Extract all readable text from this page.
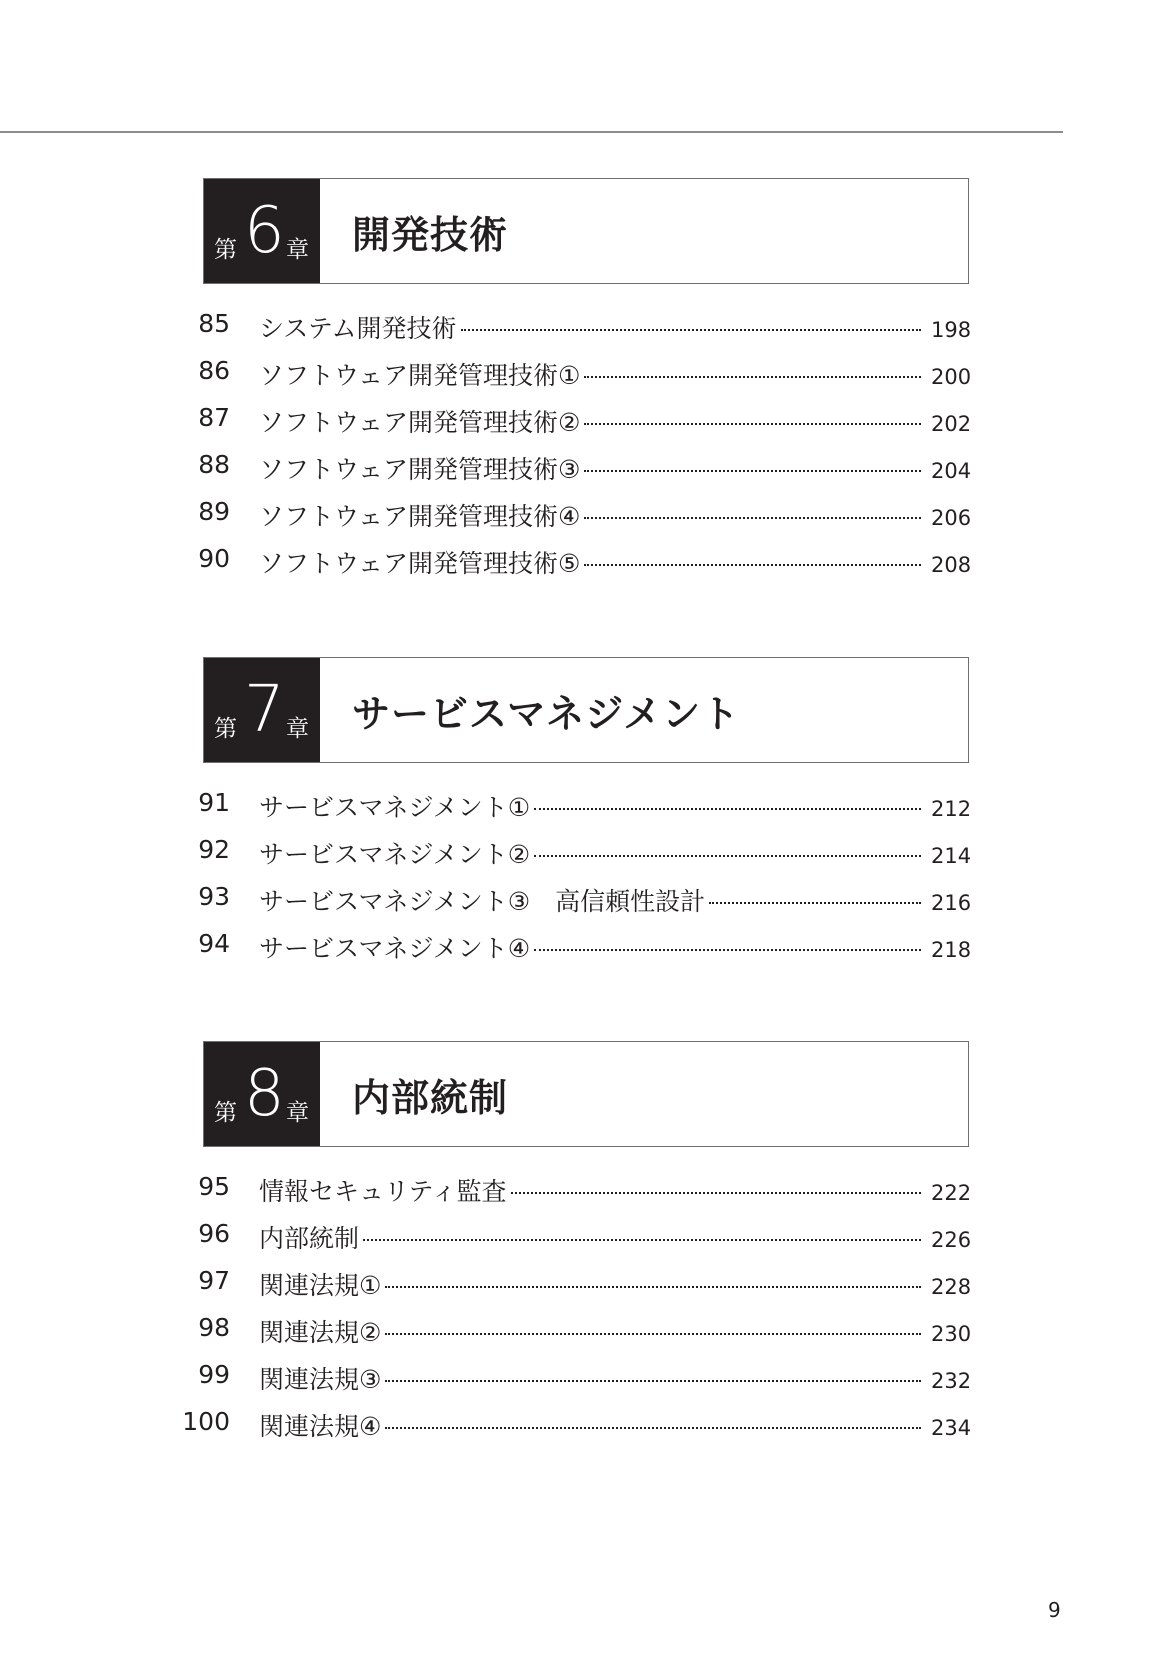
第 6 章 開発技術
85 システム開発技術	198
86 ソフトウェア開発管理技術①	200
87 ソフトウェア開発管理技術②	202
88 ソフトウェア開発管理技術③	204
89 ソフトウェア開発管理技術④	206
90 ソフトウェア開発管理技術⑤	208
第 7 章 サービスマネジメント
91 サービスマネジメント①	212
92 サービスマネジメント②	214
93 サービスマネジメント③　高信頼性設計	216
94 サービスマネジメント④	218
第 8 章 内部統制
95 情報セキュリティ監査	222
96 内部統制	226
97 関連法規①	228
98 関連法規②	230
99 関連法規③	232
100 関連法規④	234
9
